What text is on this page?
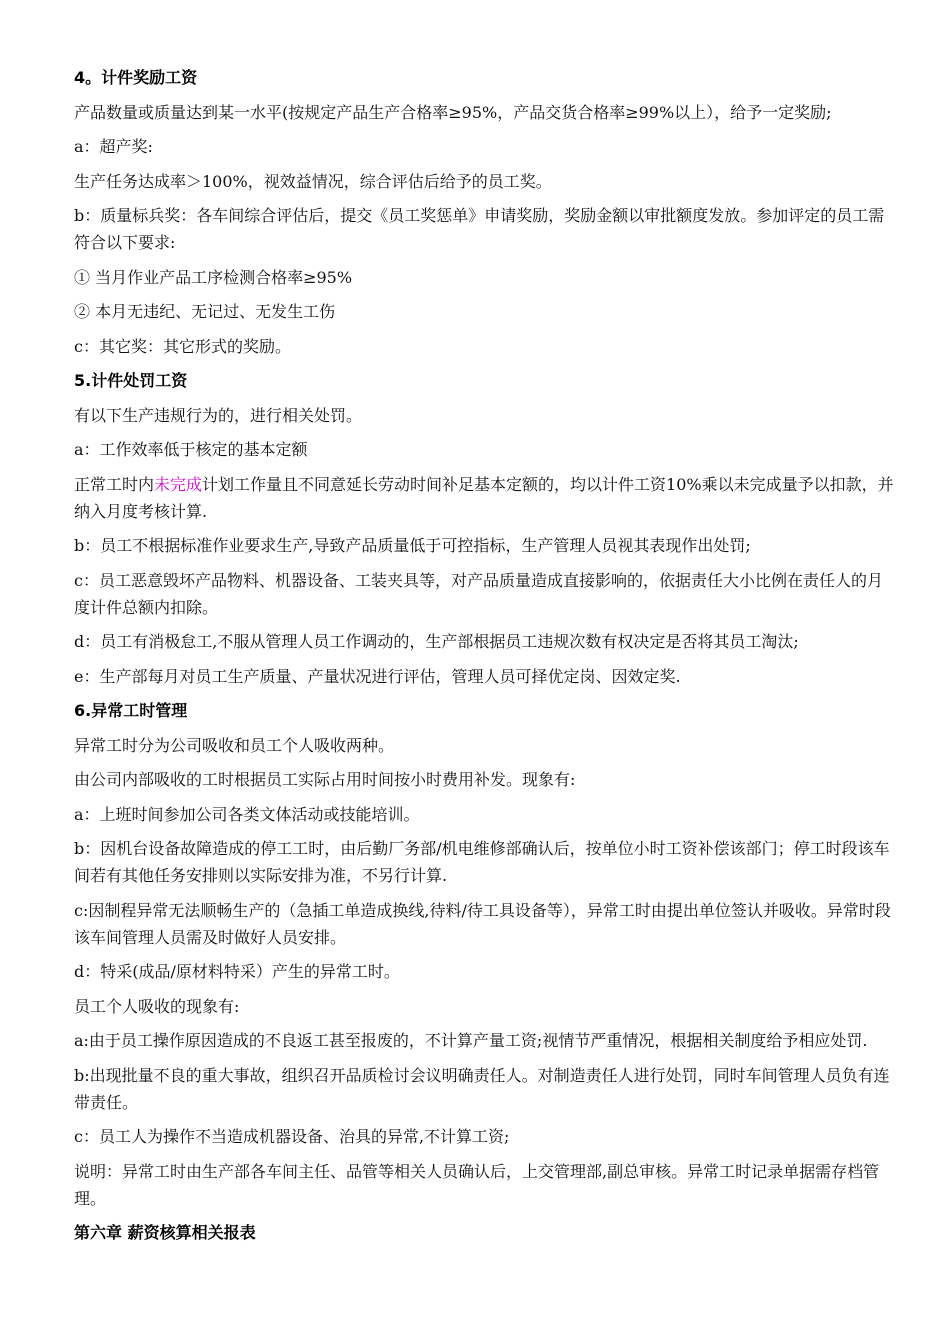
4。计件奖励工资
产品数量或质量达到某一水平(按规定产品生产合格率≥95%，产品交货合格率≥99%以上），给予一定奖励;
a：超产奖:
生产任务达成率＞100%，视效益情况，综合评估后给予的员工奖。
b：质量标兵奖：各车间综合评估后，提交《员工奖惩单》申请奖励，奖励金额以审批额度发放。参加评定的员工需符合以下要求:
① 当月作业产品工序检测合格率≥95%
② 本月无违纪、无记过、无发生工伤
c：其它奖：其它形式的奖励。
5.计件处罚工资
有以下生产违规行为的，进行相关处罚。
a：工作效率低于核定的基本定额
正常工时内未完成计划工作量且不同意延长劳动时间补足基本定额的，均以计件工资10%乘以未完成量予以扣款，并纳入月度考核计算.
b：员工不根据标准作业要求生产,导致产品质量低于可控指标，生产管理人员视其表现作出处罚;
c：员工恶意毁坏产品物料、机器设备、工装夹具等，对产品质量造成直接影响的，依据责任大小比例在责任人的月度计件总额内扣除。
d：员工有消极怠工,不服从管理人员工作调动的，生产部根据员工违规次数有权决定是否将其员工淘汰;
e：生产部每月对员工生产质量、产量状况进行评估，管理人员可择优定岗、因效定奖.
6.异常工时管理
异常工时分为公司吸收和员工个人吸收两种。
由公司内部吸收的工时根据员工实际占用时间按小时费用补发。现象有:
a：上班时间参加公司各类文体活动或技能培训。
b：因机台设备故障造成的停工工时，由后勤厂务部/机电维修部确认后，按单位小时工资补偿该部门；停工时段该车间若有其他任务安排则以实际安排为准，不另行计算.
c:因制程异常无法顺畅生产的（急插工单造成换线,待料/待工具设备等），异常工时由提出单位签认并吸收。异常时段该车间管理人员需及时做好人员安排。
d：特采(成品/原材料特采）产生的异常工时。
员工个人吸收的现象有:
a:由于员工操作原因造成的不良返工甚至报废的，不计算产量工资;视情节严重情况，根据相关制度给予相应处罚.
b:出现批量不良的重大事故，组织召开品质检讨会议明确责任人。对制造责任人进行处罚，同时车间管理人员负有连带责任。
c：员工人为操作不当造成机器设备、治具的异常,不计算工资;
说明：异常工时由生产部各车间主任、品管等相关人员确认后，上交管理部,副总审核。异常工时记录单据需存档管理。
第六章 薪资核算相关报表
